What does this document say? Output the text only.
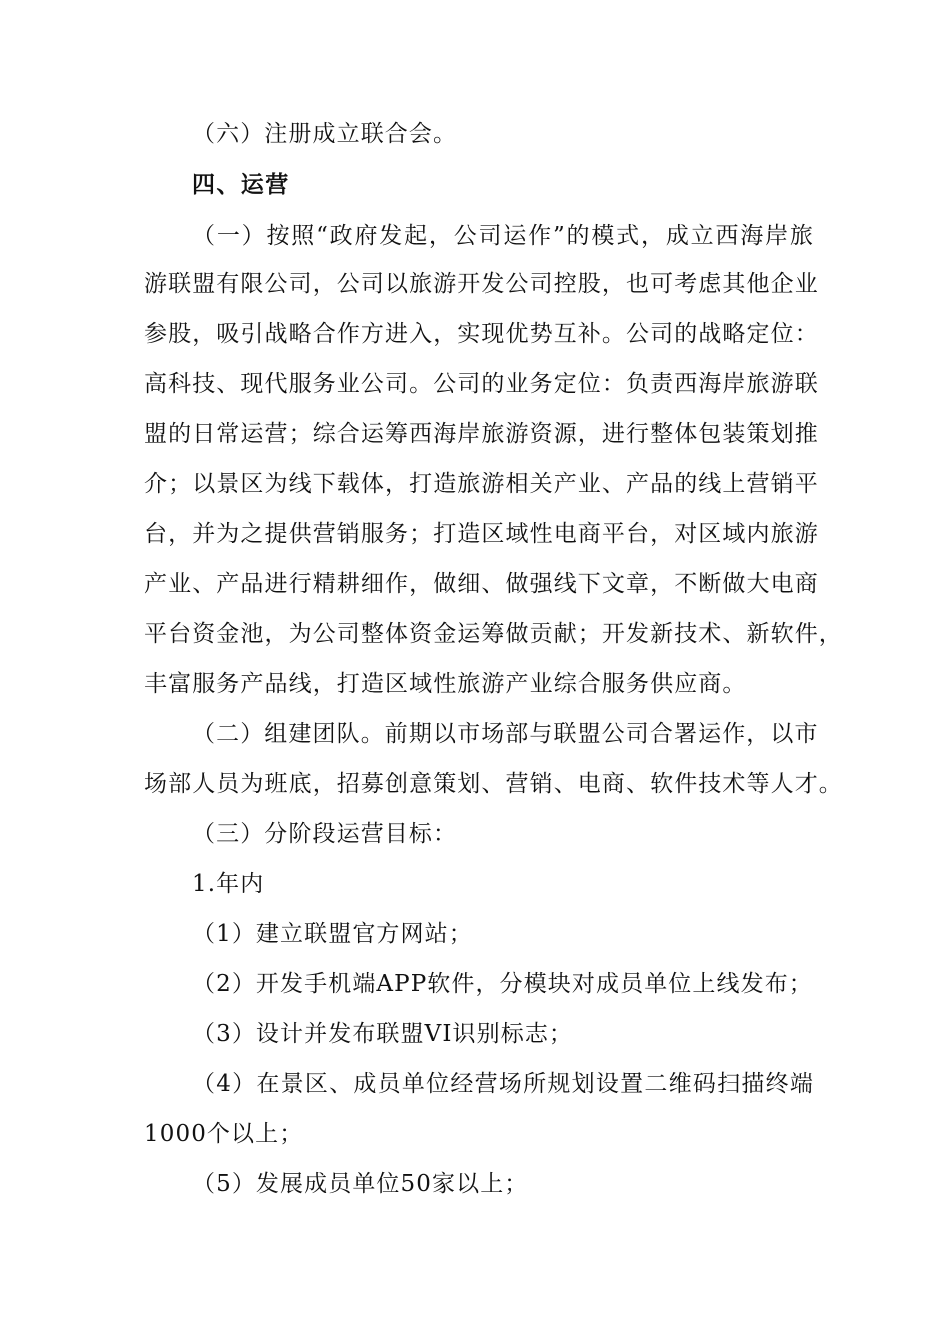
（六）注册成立联合会。
四、运营
（一）按照“政府发起，公司运作”的模式，成立西海岸旅
游联盟有限公司，公司以旅游开发公司控股，也可考虑其他企业
参股，吸引战略合作方进入，实现优势互补。公司的战略定位：
高科技、现代服务业公司。公司的业务定位：负责西海岸旅游联
盟的日常运营；综合运筹西海岸旅游资源，进行整体包装策划推
介；以景区为线下载体，打造旅游相关产业、产品的线上营销平
台，并为之提供营销服务；打造区域性电商平台，对区域内旅游
产业、产品进行精耕细作，做细、做强线下文章，不断做大电商
平台资金池，为公司整体资金运筹做贡献；开发新技术、新软件，
丰富服务产品线，打造区域性旅游产业综合服务供应商。
（二）组建团队。前期以市场部与联盟公司合署运作，以市
场部人员为班底，招募创意策划、营销、电商、软件技术等人才。
（三）分阶段运营目标：
1.年内
（1）建立联盟官方网站；
（2）开发手机端APP软件，分模块对成员单位上线发布；
（3）设计并发布联盟VI识别标志；
（4）在景区、成员单位经营场所规划设置二维码扫描终端
1000个以上；
（5）发展成员单位50家以上；
